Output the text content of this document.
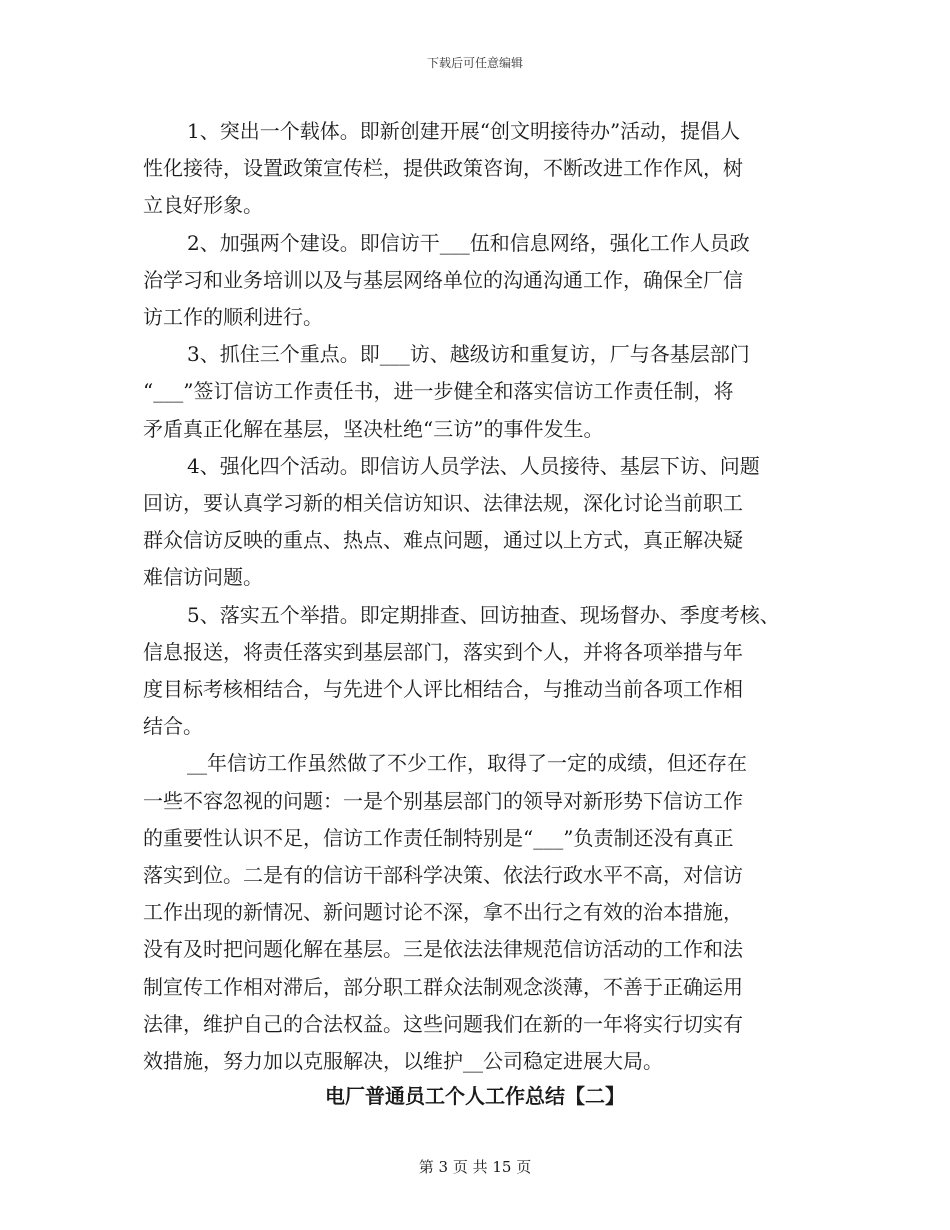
下载后可任意编辑

1、突出一个载体。即新创建开展“创文明接待办”活动，提倡人
性化接待，设置政策宣传栏，提供政策咨询，不断改进工作作风，树
立良好形象。

2、加强两个建设。即信访干___伍和信息网络，强化工作人员政
治学习和业务培训以及与基层网络单位的沟通沟通工作，确保全厂信
访工作的顺利进行。

3、抓住三个重点。即___访、越级访和重复访，厂与各基层部门
“___”签订信访工作责任书，进一步健全和落实信访工作责任制，将
矛盾真正化解在基层，坚决杜绝“三访”的事件发生。

4、强化四个活动。即信访人员学法、人员接待、基层下访、问题
回访，要认真学习新的相关信访知识、法律法规，深化讨论当前职工
群众信访反映的重点、热点、难点问题，通过以上方式，真正解决疑
难信访问题。

5、落实五个举措。即定期排查、回访抽查、现场督办、季度考核、
信息报送，将责任落实到基层部门，落实到个人，并将各项举措与年
度目标考核相结合，与先进个人评比相结合，与推动当前各项工作相
结合。

__年信访工作虽然做了不少工作，取得了一定的成绩，但还存在
一些不容忽视的问题：一是个别基层部门的领导对新形势下信访工作
的重要性认识不足，信访工作责任制特别是“___”负责制还没有真正
落实到位。二是有的信访干部科学决策、依法行政水平不高，对信访
工作出现的新情况、新问题讨论不深，拿不出行之有效的治本措施，
没有及时把问题化解在基层。三是依法法律规范信访活动的工作和法
制宣传工作相对滞后，部分职工群众法制观念淡薄，不善于正确运用
法律，维护自己的合法权益。这些问题我们在新的一年将实行切实有
效措施，努力加以克服解决，以维护__公司稳定进展大局。

电厂普通员工个人工作总结【二】
第 3 页 共 15 页
